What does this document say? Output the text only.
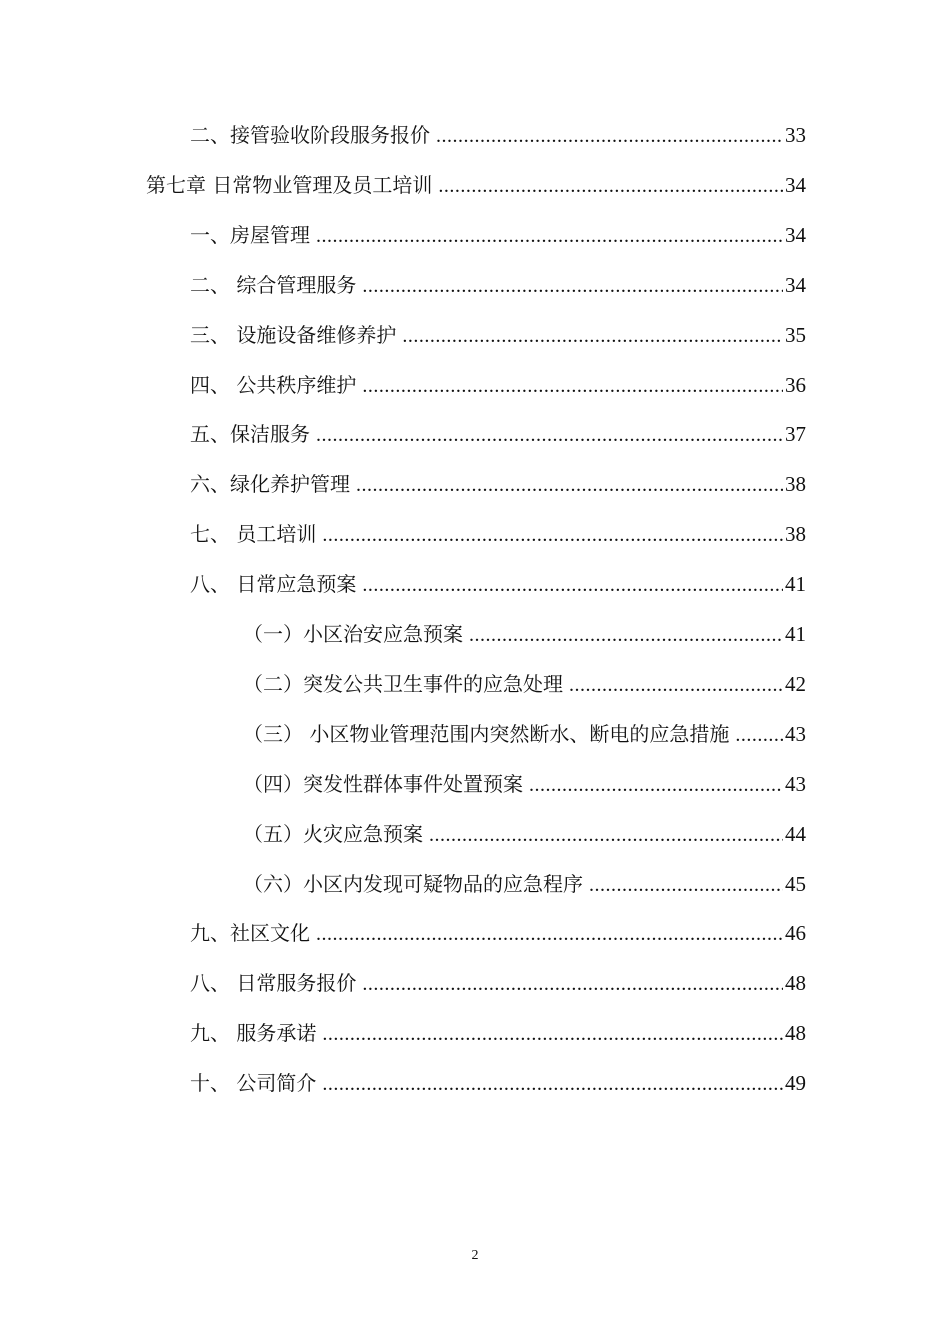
二、接管验收阶段服务报价 .....	33
第七章 日常物业管理及员工培训 .....	34
一、房屋管理 .....	34
二、 综合管理服务 .....	34
三、 设施设备维修养护 .....	35
四、 公共秩序维护 .....	36
五、保洁服务 .....	37
六、绿化养护管理 .....	38
七、 员工培训 .....	38
八、 日常应急预案 .....	41
（一）小区治安应急预案 .....	41
（二）突发公共卫生事件的应急处理 .....	42
（三） 小区物业管理范围内突然断水、断电的应急措施 .....	43
（四）突发性群体事件处置预案 .....	43
（五）火灾应急预案 .....	44
（六）小区内发现可疑物品的应急程序 .....	45
九、社区文化 .....	46
八、 日常服务报价 .....	48
九、 服务承诺 .....	48
十、 公司简介 .....	49
2
